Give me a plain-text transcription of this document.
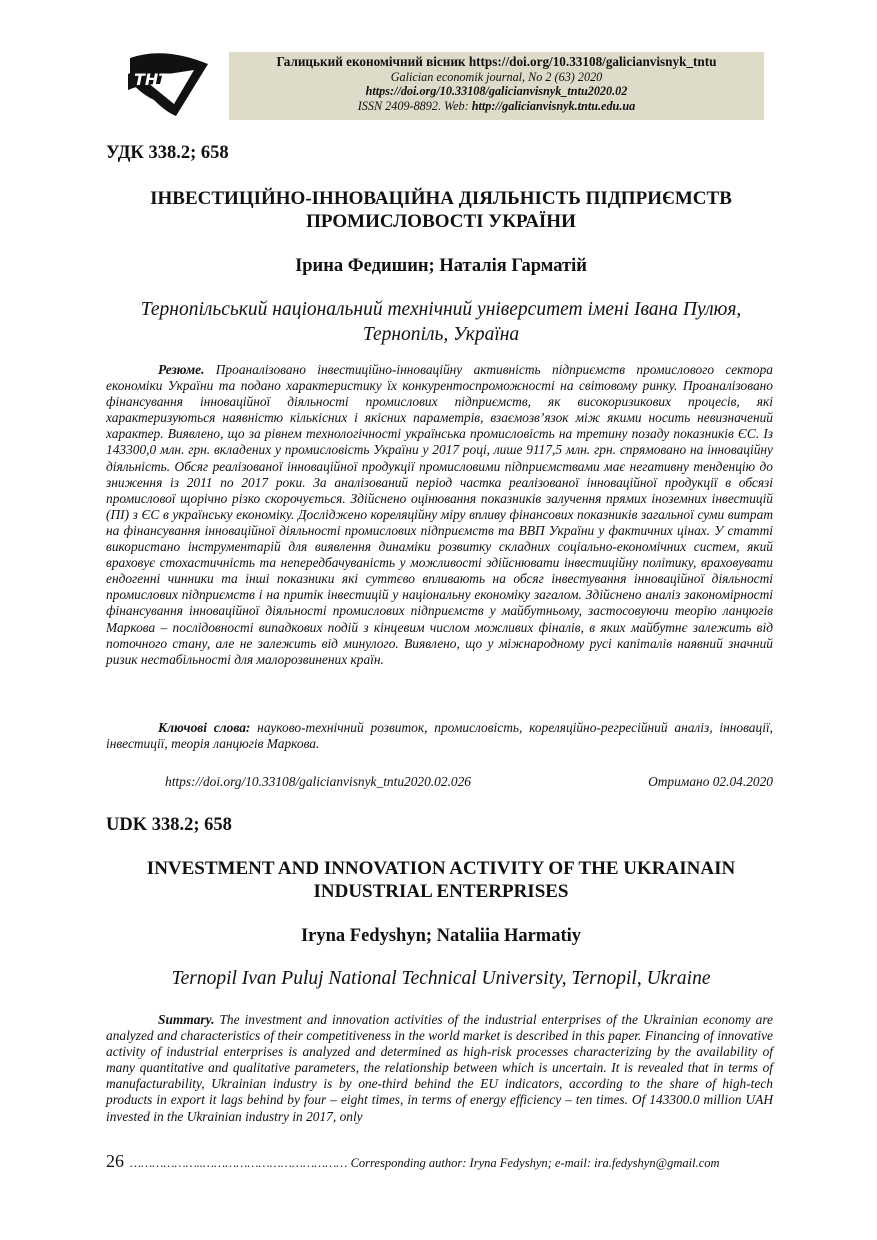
ТНТУ
Галицький економічний вісник https://doi.org/10.33108/galicianvisnyk_tntu
Galician economik journal, No 2 (63) 2020
https://doi.org/10.33108/galicianvisnyk_tntu2020.02
ISSN 2409-8892. Web: http://galicianvisnyk.tntu.edu.ua
УДК 338.2; 658
ІНВЕСТИЦІЙНО-ІННОВАЦІЙНА ДІЯЛЬНІСТЬ ПІДПРИЄМСТВ
ПРОМИСЛОВОСТІ УКРАЇНИ
Ірина Федишин; Наталія Гарматій
Тернопільський національний технічний університет імені Івана Пулюя,
Тернопіль, Україна
Резюме. Проаналізовано інвестиційно-інноваційну активність підприємств промислового сектора економіки України та подано характеристику їх конкурентоспроможності на світовому ринку. Проаналізовано фінансування інноваційної діяльності промислових підприємств, як високоризикових процесів, які характеризуються наявністю кількісних і якісних параметрів, взаємозв’язок між якими носить невизначений характер. Виявлено, що за рівнем технологічності українська промисловість на третину позаду показників ЄС. Із 143300,0 млн. грн. вкладених у промисловість України у 2017 році, лише 9117,5 млн. грн. спрямовано на інноваційну діяльність. Обсяг реалізованої інноваційної продукції промисловими підприємствами має негативну тенденцію до зниження із 2011 по 2017 роки. За аналізований період частка реалізованої інноваційної продукції в обсязі промислової щорічно різко скорочується. Здійснено оцінювання показників залучення прямих іноземних інвестицій (ПІ) з ЄС в українську економіку. Досліджено кореляційну міру впливу фінансових показників загальної суми витрат на фінансування інноваційної діяльності промислових підприємств та ВВП України у фактичних цінах. У статті використано інструментарій для виявлення динаміки розвитку складних соціально-економічних систем, який враховує стохастичність та непередбачуваність у можливості здійснювати інвестиційну політику, враховувати ендогенні чинники та інші показники які суттєво впливають на обсяг інвестування інноваційної діяльності промислових підприємств і на притік інвестицій у національну економіку загалом. Здійснено аналіз закономірності фінансування інноваційної діяльності промислових підприємств у майбутньому, застосовуючи теорію ланцюгів Маркова – послідовності випадкових подій з кінцевим числом можливих фіналів, в яких майбутнє залежить від поточного стану, але не залежить від минулого. Виявлено, що у міжнародному русі капіталів наявний значний ризик нестабільності для малорозвинених країн.
Ключові слова: науково-технічний розвиток, промисловість, кореляційно-регресійний аналіз, інновації, інвестиції, теорія ланцюгів Маркова.
https://doi.org/10.33108/galicianvisnyk_tntu2020.02.026	Отримано 02.04.2020
UDK 338.2; 658
INVESTMENT AND INNOVATION ACTIVITY OF THE UKRAINAIN
INDUSTRIAL ENTERPRISES
Iryna Fedyshyn; Nataliia Harmatiy
Ternopil Ivan Puluj National Technical University, Ternopil, Ukraine
Summary. The investment and innovation activities of the industrial enterprises of the Ukrainian economy are analyzed and characteristics of their competitiveness in the world market is described in this paper. Financing of innovative activity of industrial enterprises is analyzed and determined as high-risk processes characterizing by the availability of many quantitative and qualitative parameters, the relationship between which is uncertain. It is revealed that in terms of manufacturability, Ukrainian industry is by one-third behind the EU indicators, according to the share of high-tech products in export it lags behind by four – eight times, in terms of energy efficiency – ten times. Of 143300.0 million UAH invested in the Ukrainian industry in 2017, only
26 ………………..………………………………… Corresponding author: Iryna Fedyshyn; e-mail: ira.fedyshyn@gmail.com
